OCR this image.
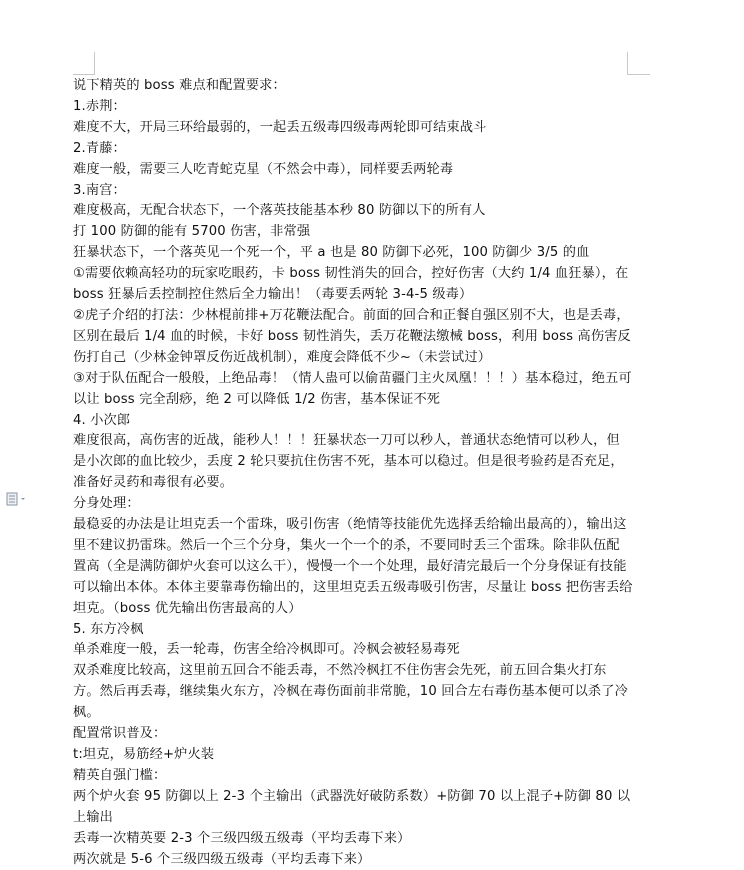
说下精英的 boss 难点和配置要求：

1.赤荆：

难度不大，开局三环给最弱的，一起丢五级毒四级毒两轮即可结束战斗

2.青藤：

难度一般，需要三人吃青蛇克星（不然会中毒），同样要丢两轮毒

3.南宫：

难度极高，无配合状态下，一个落英技能基本秒 80 防御以下的所有人

打 100 防御的能有 5700 伤害，非常强

狂暴状态下，一个落英见一个死一个，平 a 也是 80 防御下必死，100 防御少 3/5 的血

①需要依赖高轻功的玩家吃眼药，卡 boss 韧性消失的回合，控好伤害（大约 1/4 血狂暴），在 boss 狂暴后丢控制控住然后全力输出！（毒要丢两轮 3-4-5 级毒）

②虎子介绍的打法：少林棍前排+万花鞭法配合。前面的回合和正餐自强区别不大，也是丢毒，区别在最后 1/4 血的时候，卡好 boss 韧性消失，丢万花鞭法缴械 boss，利用 boss 高伤害反伤打自己（少林金钟罩反伤近战机制），难度会降低不少~（未尝试过）

③对于队伍配合一般般，上绝品毒！（情人蛊可以偷苗疆门主火凤凰！！！）基本稳过，绝五可以让 boss 完全刮痧，绝 2 可以降低 1/2 伤害，基本保证不死

4. 小次郎

难度很高，高伤害的近战，能秒人！！！狂暴状态一刀可以秒人，普通状态绝情可以秒人，但是小次郎的血比较少，丢度 2 轮只要抗住伤害不死，基本可以稳过。但是很考验药是否充足，准备好灵药和毒很有必要。

分身处理：

最稳妥的办法是让坦克丢一个雷珠，吸引伤害（绝情等技能优先选择丢给输出最高的），输出这里不建议扔雷珠。然后一个三个分身，集火一个一个的杀，不要同时丢三个雷珠。除非队伍配置高（全是满防御炉火套可以这么干），慢慢一个一个处理，最好清完最后一个分身保证有技能可以输出本体。本体主要靠毒伤输出的，这里坦克丢五级毒吸引伤害，尽量让 boss 把伤害丢给坦克。（boss 优先输出伤害最高的人）

5. 东方冷枫

单杀难度一般，丢一轮毒，伤害全给冷枫即可。冷枫会被轻易毒死

双杀难度比较高，这里前五回合不能丢毒，不然冷枫扛不住伤害会先死，前五回合集火打东方。然后再丢毒，继续集火东方，冷枫在毒伤面前非常脆，10 回合左右毒伤基本便可以杀了冷枫。

配置常识普及：

t:坦克，易筋经+炉火装

精英自强门槛：

两个炉火套 95 防御以上 2-3 个主输出（武器洗好破防系数）+防御 70 以上混子+防御 80 以上输出

丢毒一次精英要 2-3 个三级四级五级毒（平均丢毒下来）

两次就是 5-6 个三级四级五级毒（平均丢毒下来）
